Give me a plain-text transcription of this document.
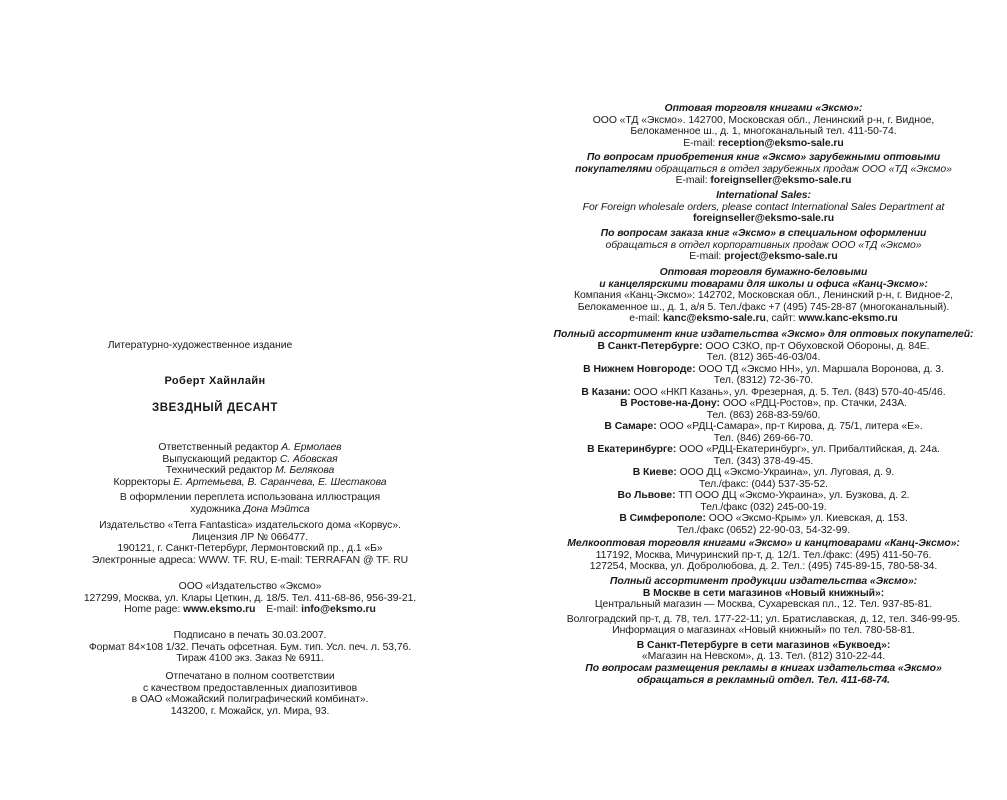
Литературно-художественное издание
Роберт Хайнлайн
ЗВЕЗДНЫЙ ДЕСАНТ
Ответственный редактор А. Ермолаев
Выпускающий редактор С. Абовская
Технический редактор М. Белякова
Корректоры Е. Артемьева, В. Саранчева, Е. Шестакова
В оформлении переплета использована иллюстрация
художника Дона Мэйтса
Издательство «Terra Fantastica» издательского дома «Корвус».
Лицензия ЛР № 066477.
190121, г. Санкт-Петербург, Лермонтовский пр., д.1 «Б»
Электронные адреса: WWW. TF. RU, E-mail: TERRAFAN @ TF. RU
ООО «Издательство «Эксмо»
127299, Москва, ул. Клары Цеткин, д. 18/5. Тел. 411-68-86, 956-39-21.
Home page: www.eksmo.ru E-mail: info@eksmo.ru
Подписано в печать 30.03.2007.
Формат 84×108 1/32. Печать офсетная. Бум. тип. Усл. печ. л. 53,76.
Тираж 4100 экз. Заказ № 6911.
Отпечатано в полном соответствии
с качеством предоставленных диапозитивов
в ОАО «Можайский полиграфический комбинат».
143200, г. Можайск, ул. Мира, 93.
Оптовая торговля книгами «Эксмо»:
ООО «ТД «Эксмо». 142700, Московская обл., Ленинский р-н, г. Видное,
Белокаменное ш., д. 1, многоканальный тел. 411-50-74.
E-mail: reception@eksmo-sale.ru
По вопросам приобретения книг «Эксмо» зарубежными оптовыми
покупателями обращаться в отдел зарубежных продаж ООО «ТД «Эксмо»
E-mail: foreignseller@eksmo-sale.ru
International Sales:
For Foreign wholesale orders, please contact International Sales Department at
foreignseller@eksmo-sale.ru
По вопросам заказа книг «Эксмо» в специальном оформлении
обращаться в отдел корпоративных продаж ООО «ТД «Эксмо»
E-mail: project@eksmo-sale.ru
Оптовая торговля бумажно-беловыми
и канцелярскими товарами для школы и офиса «Канц-Эксмо»:
Компания «Канц-Эксмо»: 142702, Московская обл., Ленинский р-н, г. Видное-2,
Белокаменное ш., д. 1, а/я 5. Тел./факс +7 (495) 745-28-87 (многоканальный).
e-mail: kanc@eksmo-sale.ru, сайт: www.kanc-eksmo.ru
Полный ассортимент книг издательства «Эксмо» для оптовых покупателей:
В Санкт-Петербурге: ООО СЗКО, пр-т Обуховской Обороны, д. 84Е.
Тел. (812) 365-46-03/04.
В Нижнем Новгороде: ООО ТД «Эксмо НН», ул. Маршала Воронова, д. 3.
Тел. (8312) 72-36-70.
В Казани: ООО «НКП Казань», ул. Фрезерная, д. 5. Тел. (843) 570-40-45/46.
В Ростове-на-Дону: ООО «РДЦ-Ростов», пр. Стачки, 243А.
Тел. (863) 268-83-59/60.
В Самаре: ООО «РДЦ-Самара», пр-т Кирова, д. 75/1, литера «Е».
Тел. (846) 269-66-70.
В Екатеринбурге: ООО «РДЦ-Екатеринбург», ул. Прибалтийская, д. 24а.
Тел. (343) 378-49-45.
В Киеве: ООО ДЦ «Эксмо-Украина», ул. Луговая, д. 9.
Тел./факс: (044) 537-35-52.
Во Львове: ТП ООО ДЦ «Эксмо-Украина», ул. Бузкова, д. 2.
Тел./факс (032) 245-00-19.
В Симферополе: ООО «Эксмо-Крым» ул. Киевская, д. 153.
Тел./факс (0652) 22-90-03, 54-32-99.
Мелкооптовая торговля книгами «Эксмо» и канцтоварами «Канц-Эксмо»:
117192, Москва, Мичуринский пр-т, д. 12/1. Тел./факс: (495) 411-50-76.
127254, Москва, ул. Добролюбова, д. 2. Тел.: (495) 745-89-15, 780-58-34.
Полный ассортимент продукции издательства «Эксмо»:
В Москве в сети магазинов «Новый книжный»:
Центральный магазин — Москва, Сухаревская пл., 12. Тел. 937-85-81.
Волгоградский пр-т, д. 78, тел. 177-22-11; ул. Братиславская, д. 12, тел. 346-99-95.
Информация о магазинах «Новый книжный» по тел. 780-58-81.
В Санкт-Петербурге в сети магазинов «Буквоед»:
«Магазин на Невском», д. 13. Тел. (812) 310-22-44.
По вопросам размещения рекламы в книгах издательства «Эксмо»
обращаться в рекламный отдел. Тел. 411-68-74.
